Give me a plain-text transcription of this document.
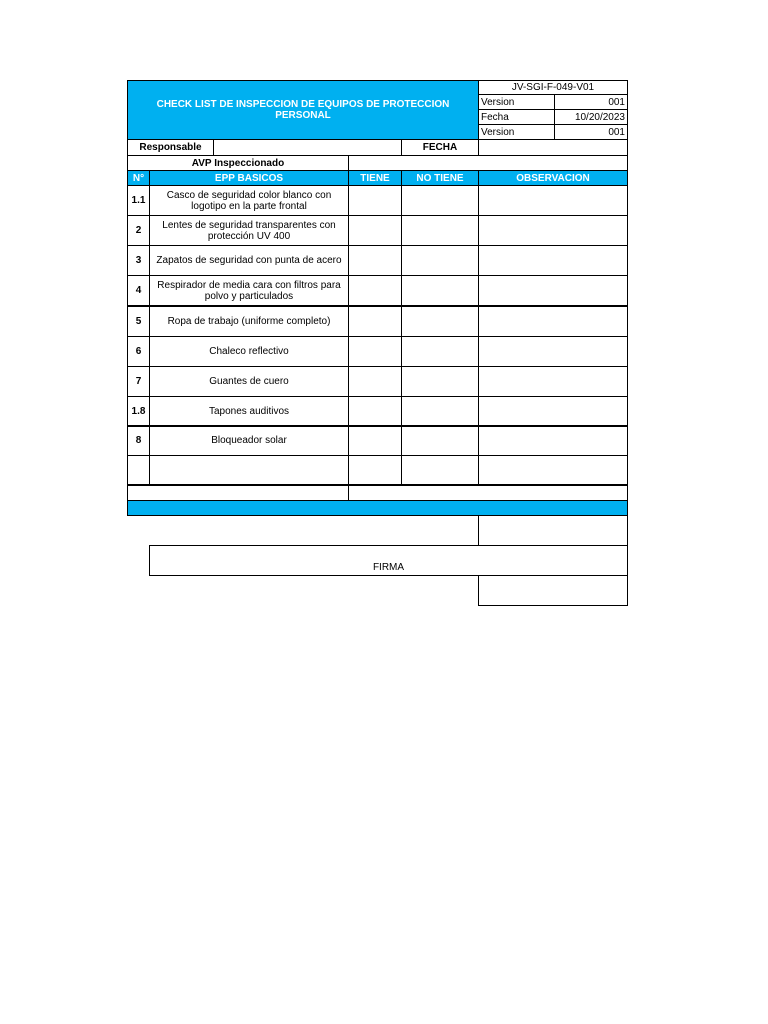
CHECK LIST DE INSPECCION DE EQUIPOS DE PROTECCION PERSONAL
JV-SGI-F-049-V01
Version	001
Fecha	10/20/2023
Version	001
Responsable	FECHA
AVP Inspeccionado
N°	EPP BASICOS	TIENE	NO TIENE	OBSERVACION
1.1	Casco de seguridad color blanco con logotipo en la parte frontal
2	Lentes de seguridad transparentes con protección UV 400
3 Zapatos de seguridad con punta de acero
4	Respirador de media cara con filtros para polvo y particulados
5	Ropa de trabajo (uniforme completo)
6	Chaleco reflectivo
7	Guantes de cuero
1.8	Tapones auditivos
8	Bloqueador solar
FIRMA
